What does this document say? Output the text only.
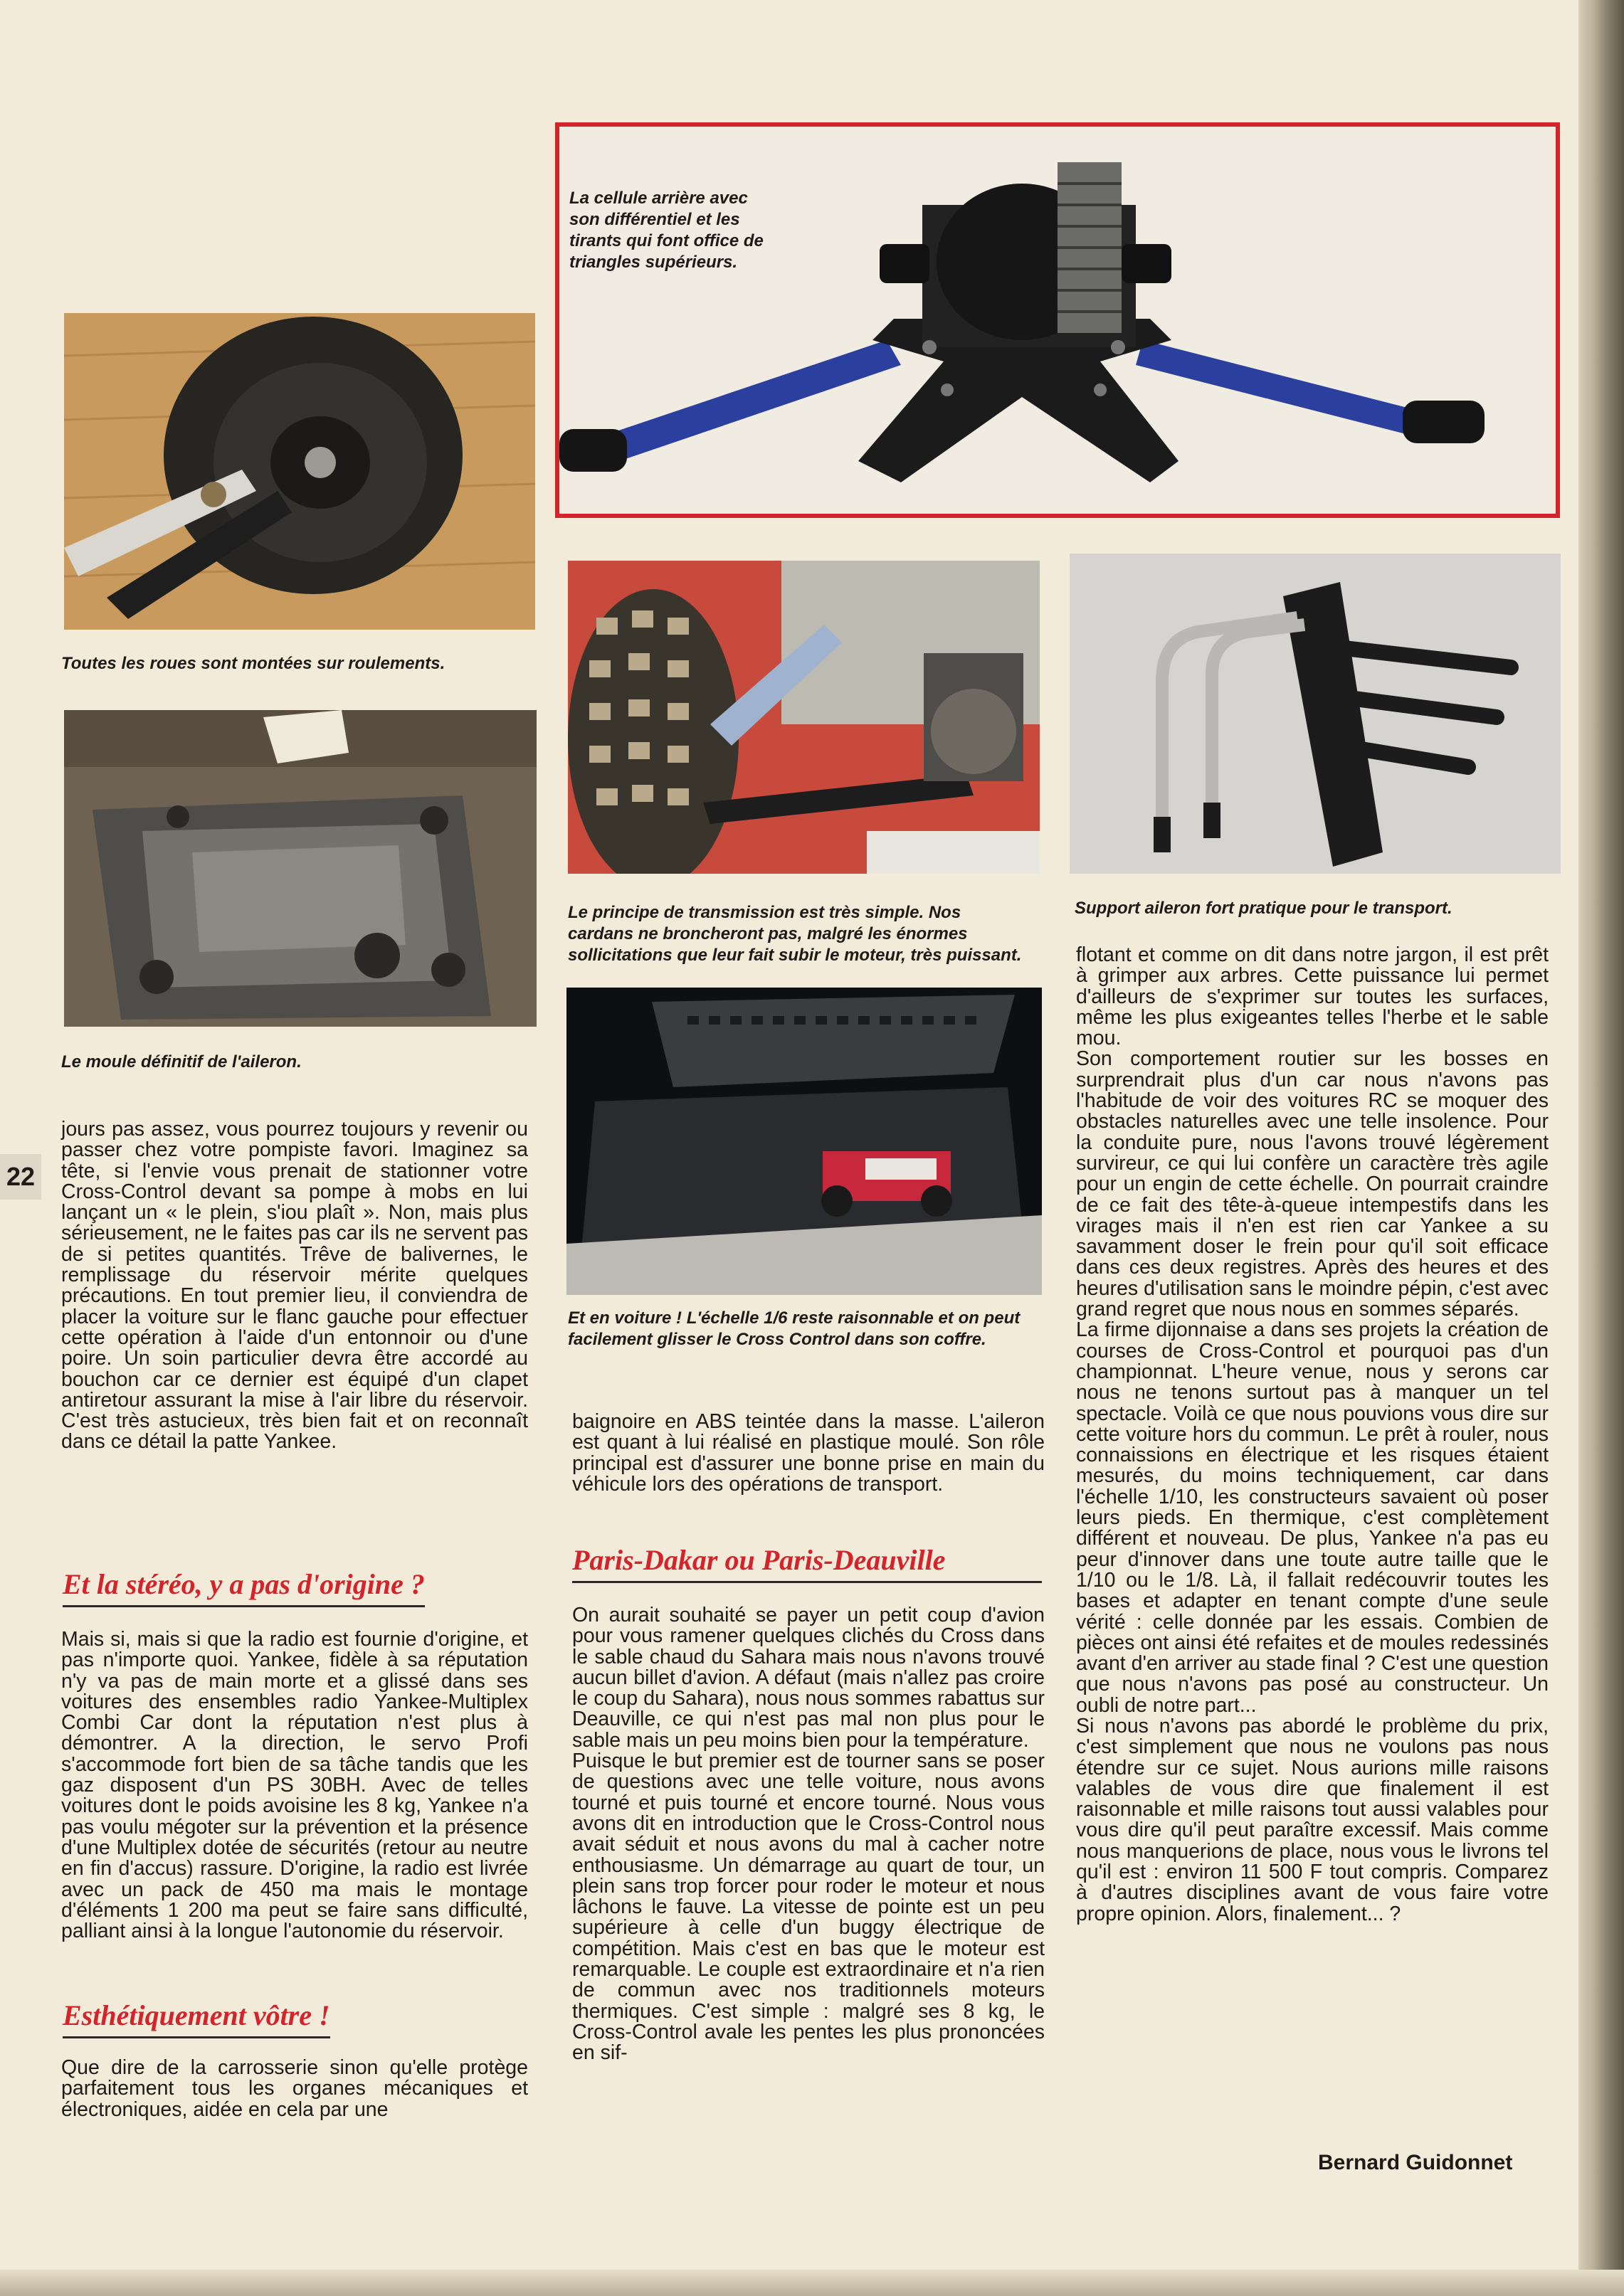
La cellule arrière avec son différentiel et les tirants qui font office de triangles supérieurs.
Toutes les roues sont montées sur roulements.
Le moule définitif de l'aileron.
Le principe de transmission est très simple. Nos cardans ne broncheront pas, malgré les énormes sollicitations que leur fait subir le moteur, très puissant.
Support aileron fort pratique pour le transport.
Et en voiture ! L'échelle 1/6 reste raisonnable et on peut facilement glisser le Cross Control dans son coffre.
22

jours pas assez, vous pourrez toujours y revenir ou passer chez votre pompiste favori. Imaginez sa tête, si l'envie vous prenait de stationner votre Cross-Control devant sa pompe à mobs en lui lançant un « le plein, s'iou plaît ». Non, mais plus sérieusement, ne le faites pas car ils ne servent pas de si petites quantités. Trêve de balivernes, le remplissage du réservoir mérite quelques précautions. En tout premier lieu, il conviendra de placer la voiture sur le flanc gauche pour effectuer cette opération à l'aide d'un entonnoir ou d'une poire. Un soin particulier devra être accordé au bouchon car ce dernier est équipé d'un clapet antiretour assurant la mise à l'air libre du réservoir. C'est très astucieux, très bien fait et on reconnaît dans ce détail la patte Yankee.

Et la stéréo, y a pas d'origine ?

Mais si, mais si que la radio est fournie d'origine, et pas n'importe quoi. Yankee, fidèle à sa réputation n'y va pas de main morte et a glissé dans ses voitures des ensembles radio Yankee-Multiplex Combi Car dont la réputation n'est plus à démontrer. A la direction, le servo Profi s'accommode fort bien de sa tâche tandis que les gaz disposent d'un PS 30BH. Avec de telles voitures dont le poids avoisine les 8 kg, Yankee n'a pas voulu mégoter sur la prévention et la présence d'une Multiplex dotée de sécurités (retour au neutre en fin d'accus) rassure. D'origine, la radio est livrée avec un pack de 450 ma mais le montage d'éléments 1 200 ma peut se faire sans difficulté, palliant ainsi à la longue l'autonomie du réservoir.

Esthétiquement vôtre !

Que dire de la carrosserie sinon qu'elle protège parfaitement tous les organes mécaniques et électroniques, aidée en cela par une

baignoire en ABS teintée dans la masse. L'aileron est quant à lui réalisé en plastique moulé. Son rôle principal est d'assurer une bonne prise en main du véhicule lors des opérations de transport.

Paris-Dakar ou Paris-Deauville

On aurait souhaité se payer un petit coup d'avion pour vous ramener quelques clichés du Cross dans le sable chaud du Sahara mais nous n'avons trouvé aucun billet d'avion. A défaut (mais n'allez pas croire le coup du Sahara), nous nous sommes rabattus sur Deauville, ce qui n'est pas mal non plus pour le sable mais un peu moins bien pour la température.

Puisque le but premier est de tourner sans se poser de questions avec une telle voiture, nous avons tourné et puis tourné et encore tourné. Nous vous avons dit en introduction que le Cross-Control nous avait séduit et nous avons du mal à cacher notre enthousiasme. Un démarrage au quart de tour, un plein sans trop forcer pour roder le moteur et nous lâchons le fauve. La vitesse de pointe est un peu supérieure à celle d'un buggy électrique de compétition. Mais c'est en bas que le moteur est remarquable. Le couple est extraordinaire et n'a rien de commun avec nos traditionnels moteurs thermiques. C'est simple : malgré ses 8 kg, le Cross-Control avale les pentes les plus prononcées en sif-

flotant et comme on dit dans notre jargon, il est prêt à grimper aux arbres. Cette puissance lui permet d'ailleurs de s'exprimer sur toutes les surfaces, même les plus exigeantes telles l'herbe et le sable mou.

Son comportement routier sur les bosses en surprendrait plus d'un car nous n'avons pas l'habitude de voir des voitures RC se moquer des obstacles naturelles avec une telle insolence. Pour la conduite pure, nous l'avons trouvé légèrement survireur, ce qui lui confère un caractère très agile pour un engin de cette échelle. On pourrait craindre de ce fait des tête-à-queue intempestifs dans les virages mais il n'en est rien car Yankee a su savamment doser le frein pour qu'il soit efficace dans ces deux registres. Après des heures et des heures d'utilisation sans le moindre pépin, c'est avec grand regret que nous nous en sommes séparés.

La firme dijonnaise a dans ses projets la création de courses de Cross-Control et pourquoi pas d'un championnat. L'heure venue, nous y serons car nous ne tenons surtout pas à manquer un tel spectacle. Voilà ce que nous pouvions vous dire sur cette voiture hors du commun. Le prêt à rouler, nous connaissions en électrique et les risques étaient mesurés, du moins techniquement, car dans l'échelle 1/10, les constructeurs savaient où poser leurs pieds. En thermique, c'est complètement différent et nouveau. De plus, Yankee n'a pas eu peur d'innover dans une toute autre taille que le 1/10 ou le 1/8. Là, il fallait redécouvrir toutes les bases et adapter en tenant compte d'une seule vérité : celle donnée par les essais. Combien de pièces ont ainsi été refaites et de moules redessinés avant d'en arriver au stade final ? C'est une question que nous n'avons pas posé au constructeur. Un oubli de notre part...

Si nous n'avons pas abordé le problème du prix, c'est simplement que nous ne voulons pas nous étendre sur ce sujet. Nous aurions mille raisons valables de vous dire que finalement il est raisonnable et mille raisons tout aussi valables pour vous dire qu'il peut paraître excessif. Mais comme nous manquerions de place, nous vous le livrons tel qu'il est : environ 11 500 F tout compris. Comparez à d'autres disciplines avant de vous faire votre propre opinion. Alors, finalement... ?

Bernard Guidonnet
